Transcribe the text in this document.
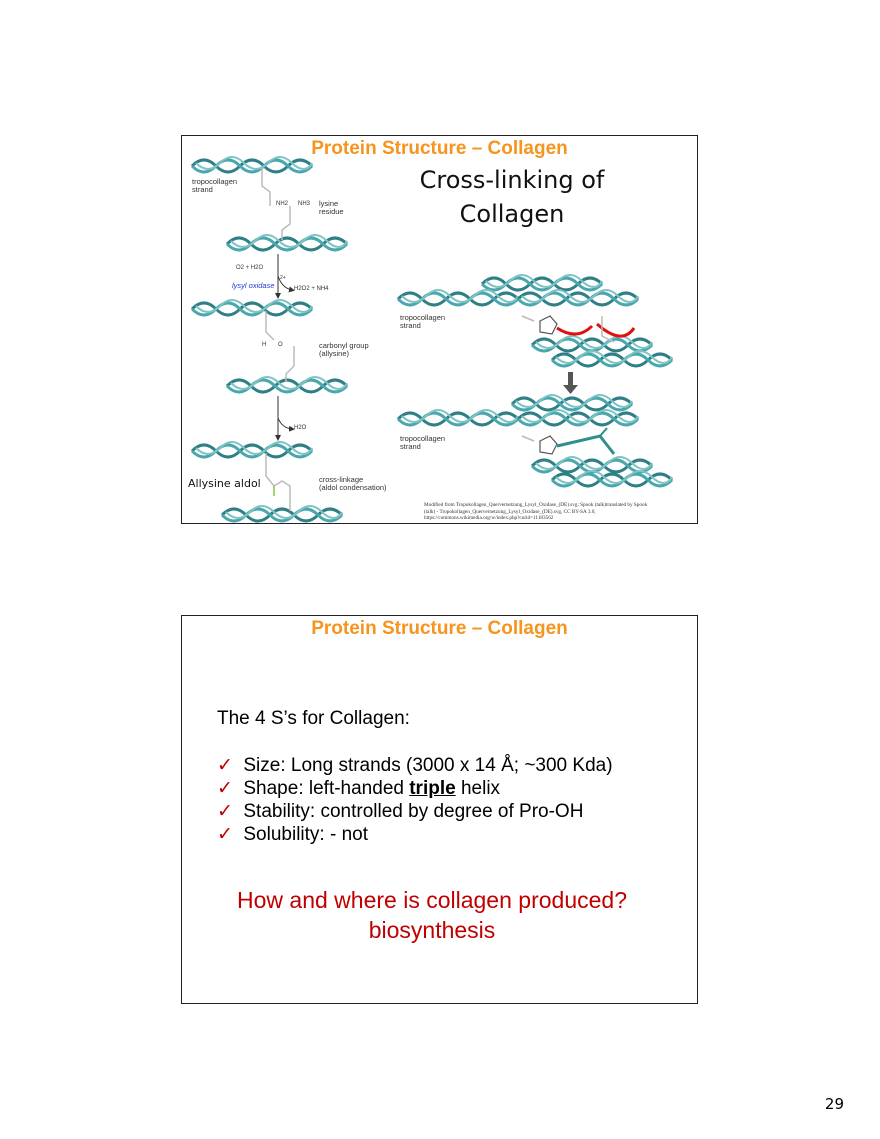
Protein Structure – Collagen
tropocollagen
strand
NH2 NH3 lysine
residue
O2 + H2O
2+
lysyl oxidase	H2O2 + NH4
H O	carbonyl group
(allysine)
H2O
Allysine aldol	cross-linkage
(aldol condensation)
tropocollagen
strand
tropocollagen
strand
Cross-linking of
Collagen
Modified from Tropokollagen_Quervernetzung_Lysyl_Oxidase_(DE).svg: Spook (talk)translated by Spook
(talk) - Tropokollagen_Quervernetzung_Lysyl_Oxidase_(DE).svg, CC BY-SA 3.0,
https://commons.wikimedia.org/w/index.php?curid=11183562
Protein Structure – Collagen
The 4 S’s for Collagen:
✓ Size: Long strands (3000 x 14 Å; ~300 Kda)
✓ Shape: left-handed triple helix
✓ Stability: controlled by degree of Pro-OH
✓ Solubility: - not
How and where is collagen produced?
biosynthesis
29
